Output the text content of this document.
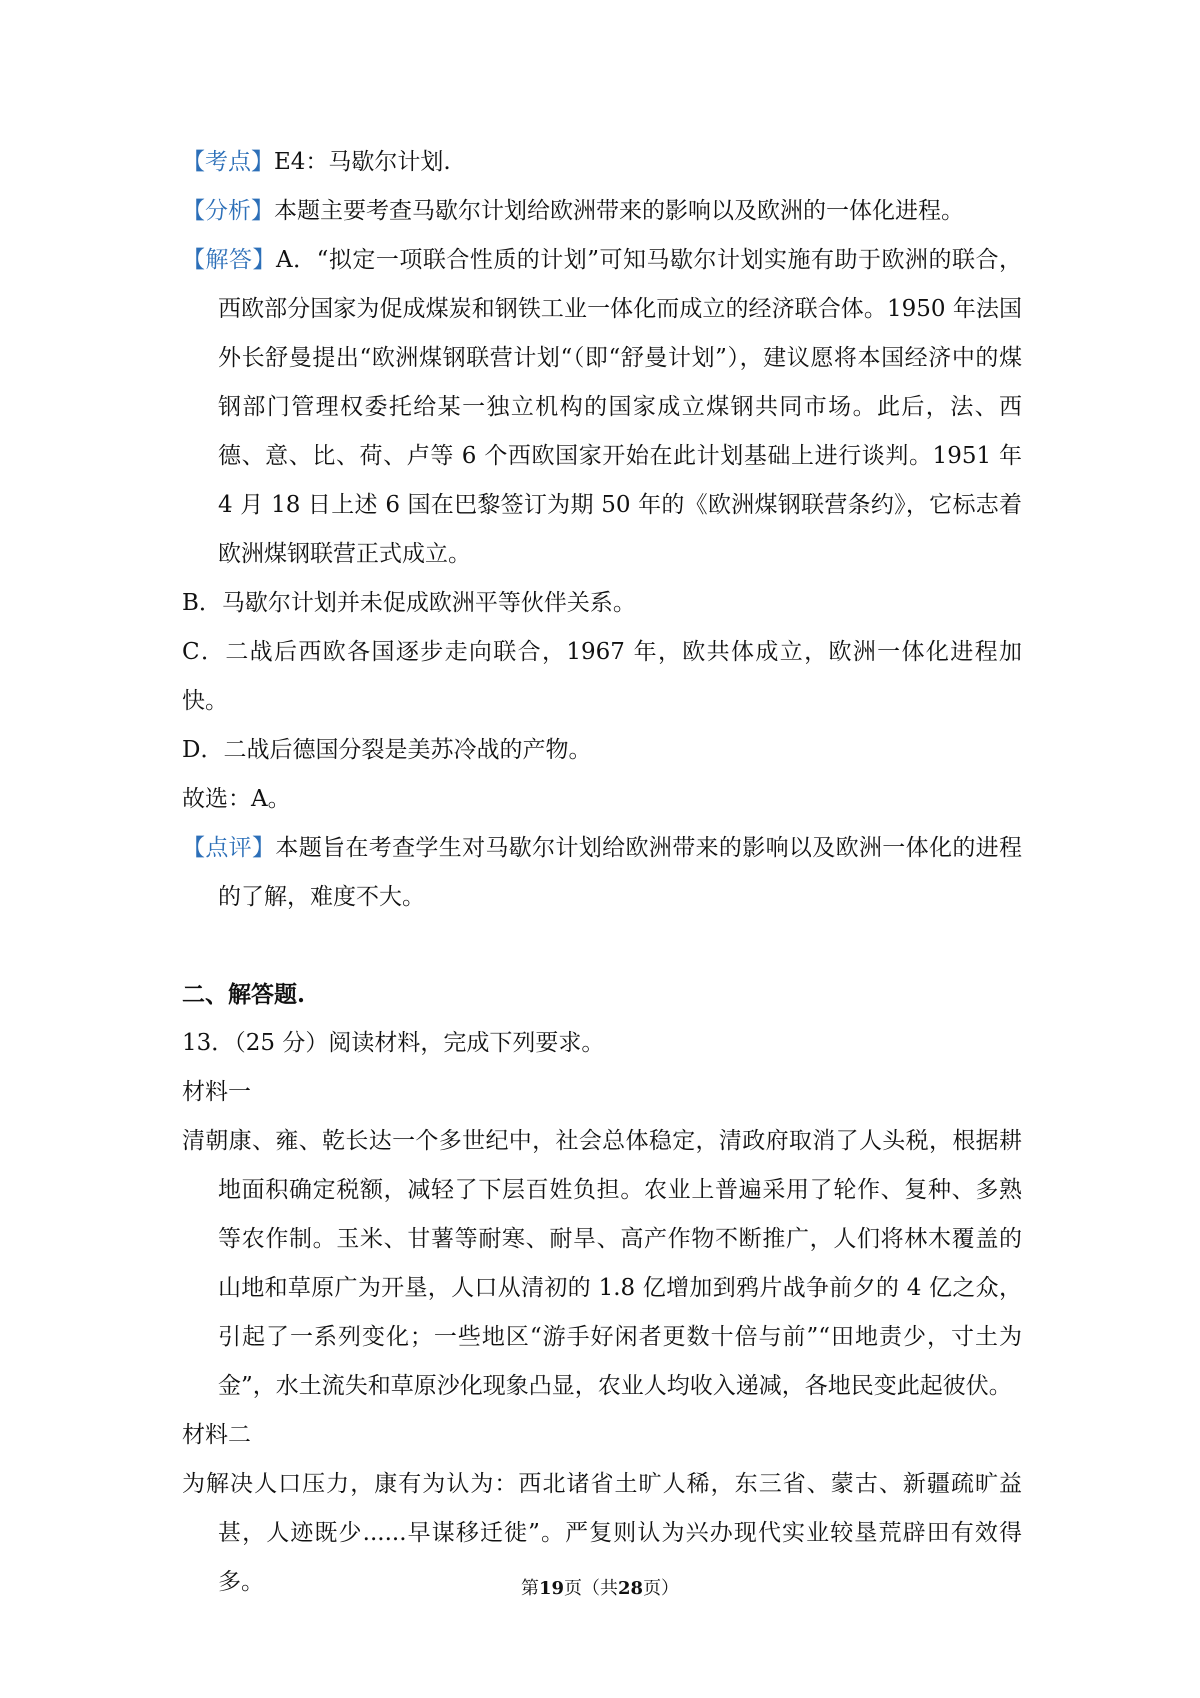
【考点】E4：马歇尔计划.

【分析】本题主要考查马歇尔计划给欧洲带来的影响以及欧洲的一体化进程。

【解答】A．“拟定一项联合性质的计划”可知马歇尔计划实施有助于欧洲的联合，西欧部分国家为促成煤炭和钢铁工业一体化而成立的经济联合体。1950 年法国外长舒曼提出“欧洲煤钢联营计划“（即“舒曼计划”），建议愿将本国经济中的煤钢部门管理权委托给某一独立机构的国家成立煤钢共同市场。此后，法、西德、意、比、荷、卢等 6 个西欧国家开始在此计划基础上进行谈判。1951 年 4 月 18 日上述 6 国在巴黎签订为期 50 年的《欧洲煤钢联营条约》，它标志着欧洲煤钢联营正式成立。

B．马歇尔计划并未促成欧洲平等伙伴关系。

C．二战后西欧各国逐步走向联合，1967 年，欧共体成立，欧洲一体化进程加快。

D．二战后德国分裂是美苏冷战的产物。

故选：A。

【点评】本题旨在考查学生对马歇尔计划给欧洲带来的影响以及欧洲一体化的进程的了解，难度不大。

二、解答题.

13．（25 分）阅读材料，完成下列要求。

材料一

清朝康、雍、乾长达一个多世纪中，社会总体稳定，清政府取消了人头税，根据耕地面积确定税额，减轻了下层百姓负担。农业上普遍采用了轮作、复种、多熟等农作制。玉米、甘薯等耐寒、耐旱、高产作物不断推广，人们将林木覆盖的山地和草原广为开垦，人口从清初的 1.8 亿增加到鸦片战争前夕的 4 亿之众，引起了一系列变化；一些地区“游手好闲者更数十倍与前”“田地责少，寸土为金”，水土流失和草原沙化现象凸显，农业人均收入递减，各地民变此起彼伏。

材料二

为解决人口压力，康有为认为：西北诸省土旷人稀，东三省、蒙古、新疆疏旷益甚，人迹既少......早谋移迁徙”。严复则认为兴办现代实业较垦荒辟田有效得多。	第19页（共28页）
